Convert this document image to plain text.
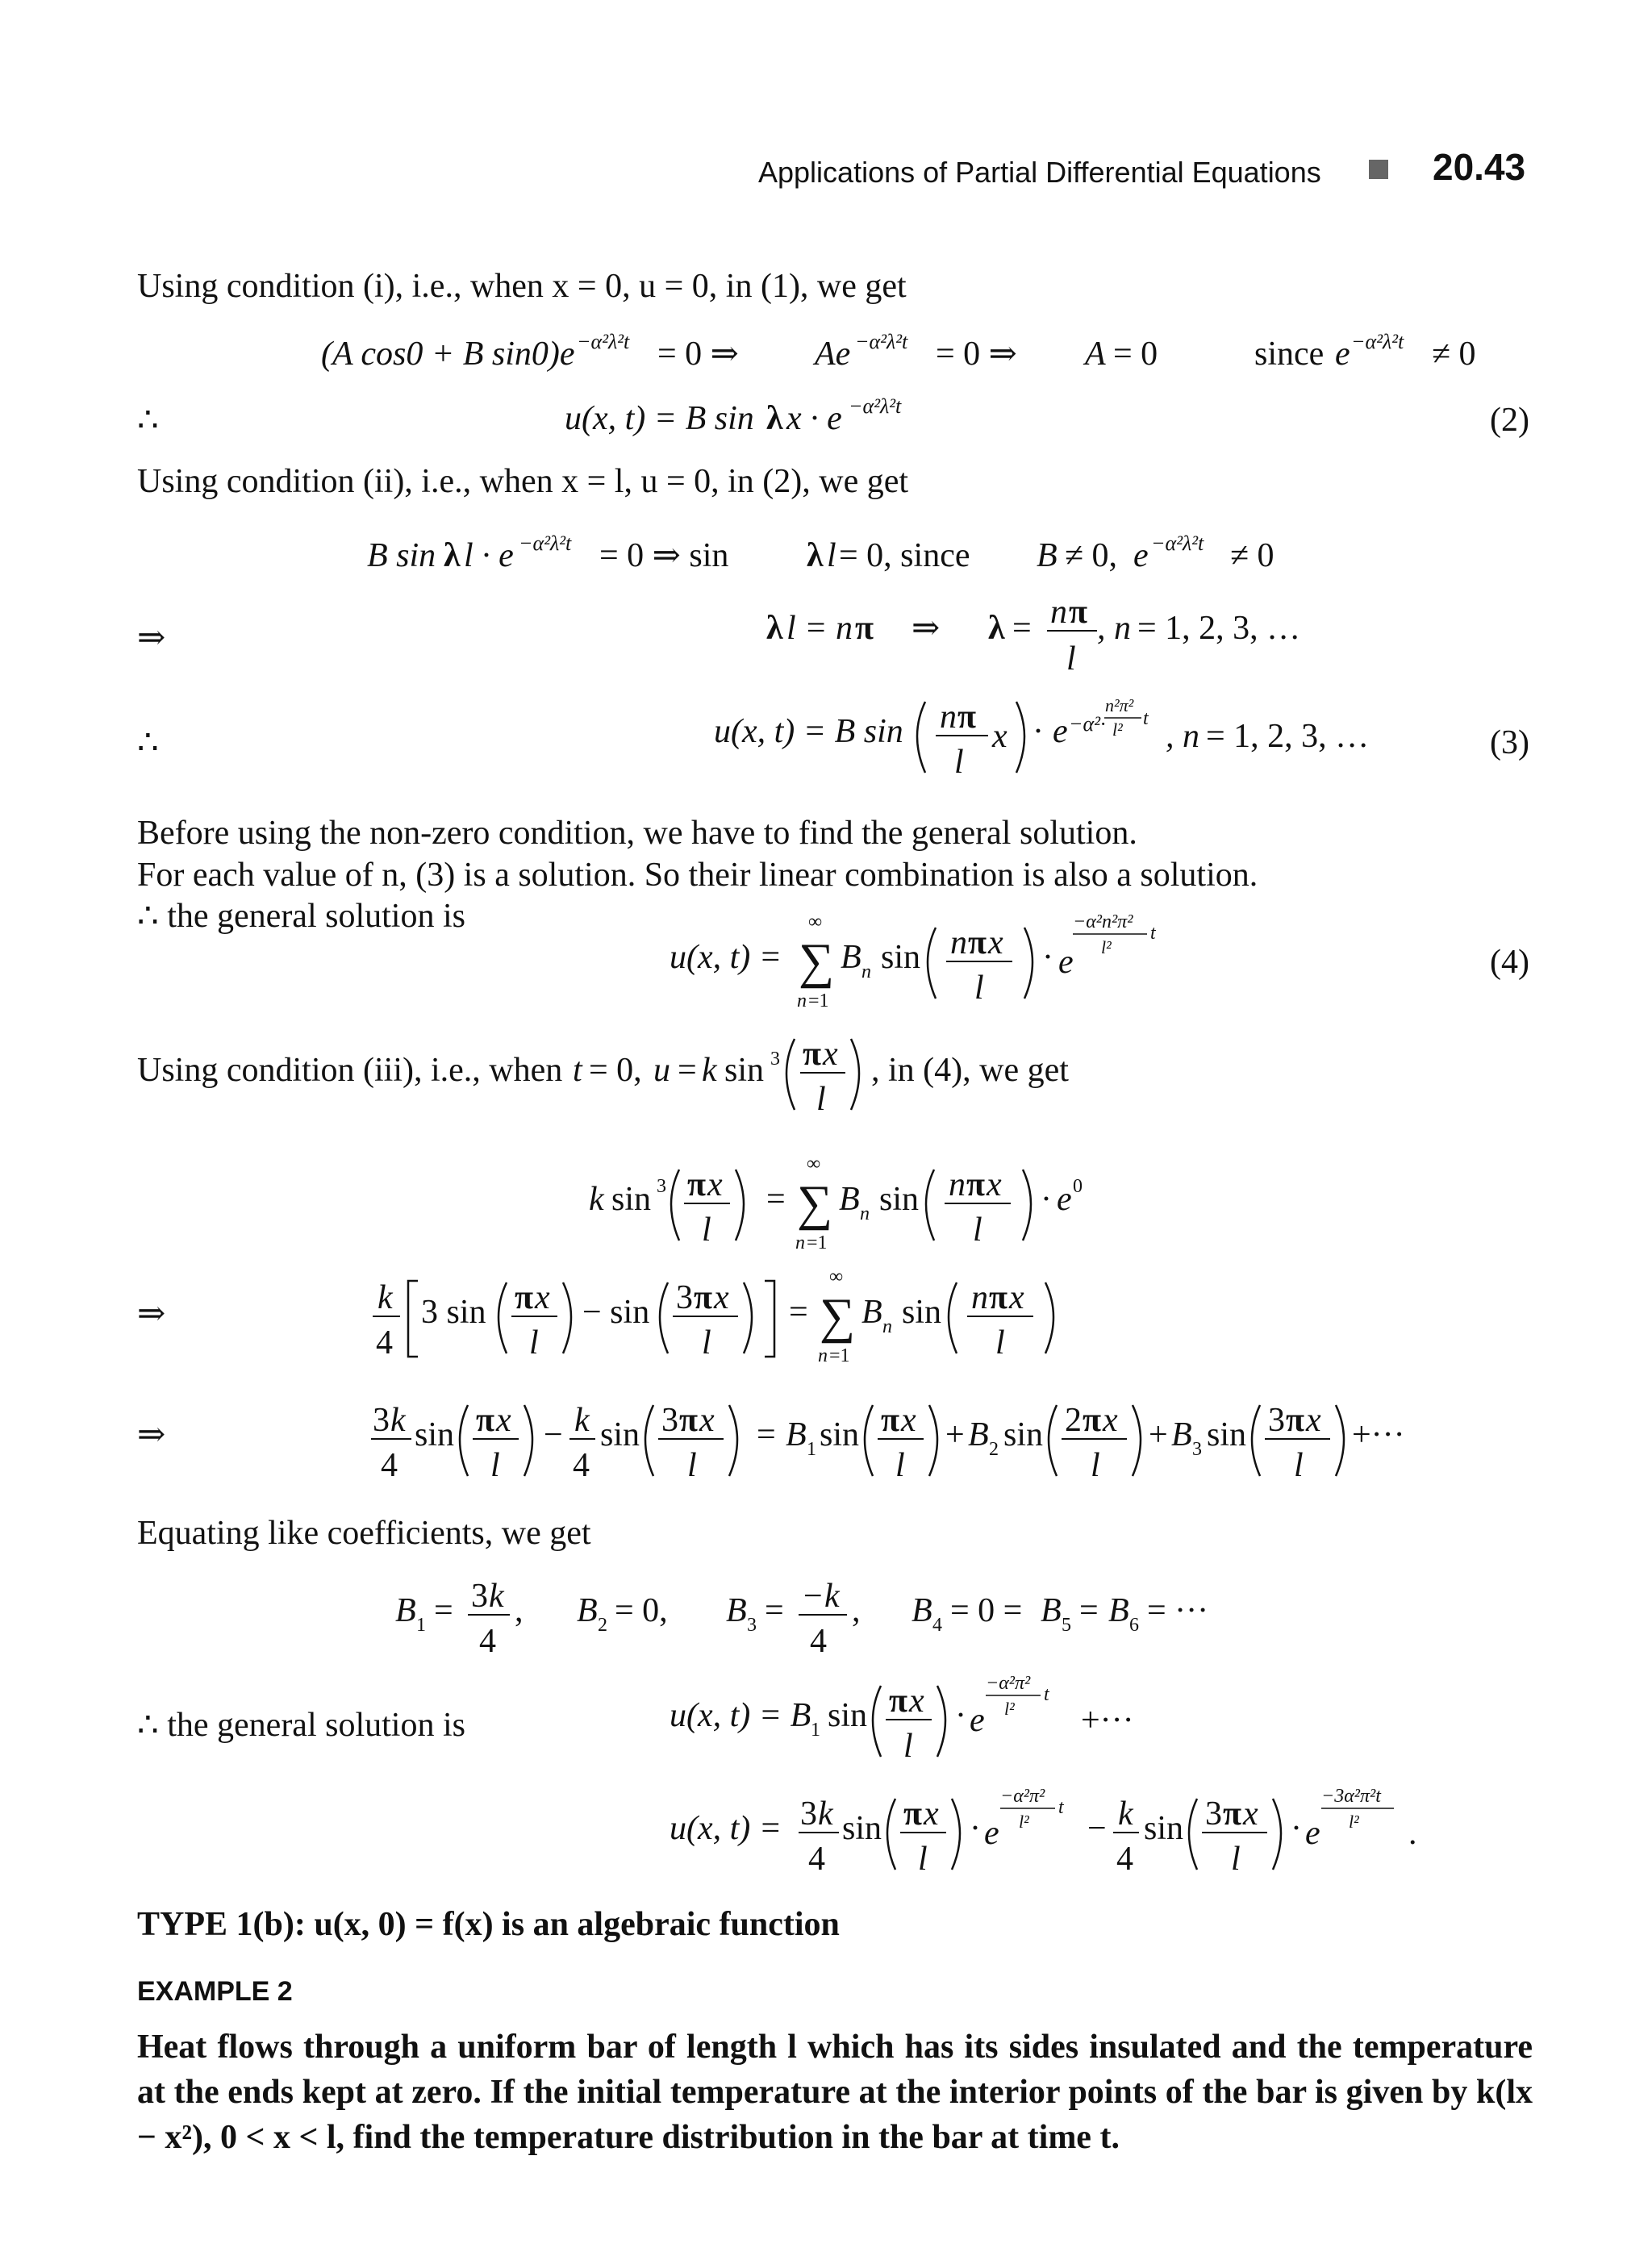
Applications of Partial Differential Equations	20.43
Using condition (i), i.e., when x = 0, u = 0, in (1), we get
(A cos0 + B sin0)e −α²λ²t = 0 ⇒ Ae −α²λ²t = 0 ⇒ A = 0	since e −α²λ²t ≠ 0
∴	u(x, t) = B sin λ x · e −α²λ²t	(2)
Using condition (ii), i.e., when x = l, u = 0, in (2), we get
B sin λ l · e −α²λ²t = 0 ⇒ sin λ l = 0, since B ≠ 0, e −α²λ²t ≠ 0
⇒	λ l = n π ⇒ λ = n π
l
, n = 1, 2, 3, …
∴	u(x, t) = B sin n π
l
x · e −α²·
n²π²
l²
t , n = 1, 2, 3, …	(3)
Before using the non-zero condition, we have to find the general solution.
For each value of n, (3) is a solution. So their linear combination is also a solution.
∴ the general solution is
u(x, t) = ∑
∞
n =1
B n sin n π x
l
· e
−α²n²π²
l²
t
(4)
Using condition (iii), i.e., when t = 0, u = k sin 3 π x
l
, in (4), we get
k sin 3 π x
l
= ∑
∞
n =1
B n sin n π x
l
· e 0
⇒	k
4
3 sin π x
l
− sin 3 π x
l
= ∑
∞
n =1
B n sin n π x
l
⇒	3 k
4
sin π x
l
− k
4
sin 3 π x
l
= B 1 sin π x
l
+ B 2 sin 2 π x
l
+ B 3 sin 3 π x
l
+···
Equating like coefficients, we get
B 1 = 3 k
4
, B 2 = 0, B 3 = − k
4
, B 4 = 0 = B 5 = B 6 = ···
∴ the general solution is	u(x, t) = B 1 sin π x
l
· e
−α²π²
l²
t
+···
u(x, t) = 3 k
4
sin π x
l
· e
−α²π²
l²
t
− k
4
sin 3 π x
l
· e
−3α²π²t
l² .
TYPE 1(b): u(x, 0) = f(x) is an algebraic function
EXAMPLE 2
Heat flows through a uniform bar of length l which has its sides insulated and the temperature at the ends kept at zero. If the initial temperature at the interior points of the bar is given by k(lx − x²), 0 < x < l, find the temperature distribution in the bar at time t.
